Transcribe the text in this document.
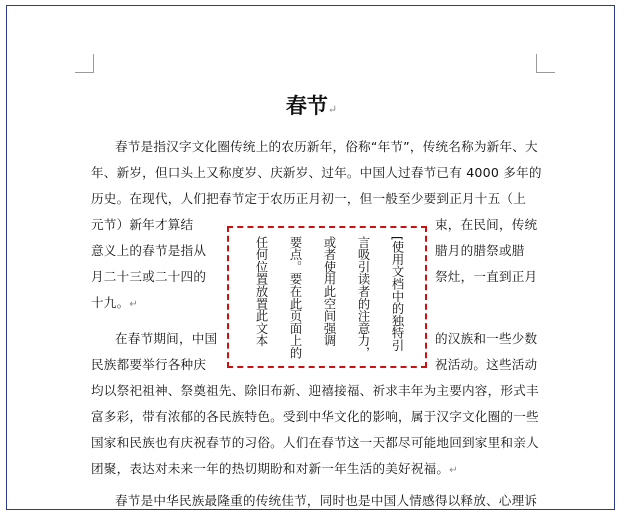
春节↵
春节是指汉字文化圈传统上的农历新年，俗称“年节”，传统名称为新年、大
年、新岁，但口头上又称度岁、庆新岁、过年。中国人过春节已有 4000 多年的
历史。在现代，人们把春节定于农历正月初一，但一般至少要到正月十五（上
元节）新年才算结	束，在民间，传统
意义上的春节是指从	腊月的腊祭或腊
月二十三或二十四的	祭灶，一直到正月
十九。↵
在春节期间，中国	的汉族和一些少数
民族都要举行各种庆	祝活动。这些活动
均以祭祀祖神、祭奠祖先、除旧布新、迎禧接福、祈求丰年为主要内容，形式丰
富多彩，带有浓郁的各民族特色。受到中华文化的影响，属于汉字文化圈的一些
国家和民族也有庆祝春节的习俗。人们在春节这一天都尽可能地回到家里和亲人
团聚，表达对未来一年的热切期盼和对新一年生活的美好祝福。↵
春节是中华民族最隆重的传统佳节，同时也是中国人情感得以释放、心理诉
[使用文档中的独特引
言吸引读者的注意力，
或者使用此空间强调
要点。要在此页面上的
任何位置放置此文本
